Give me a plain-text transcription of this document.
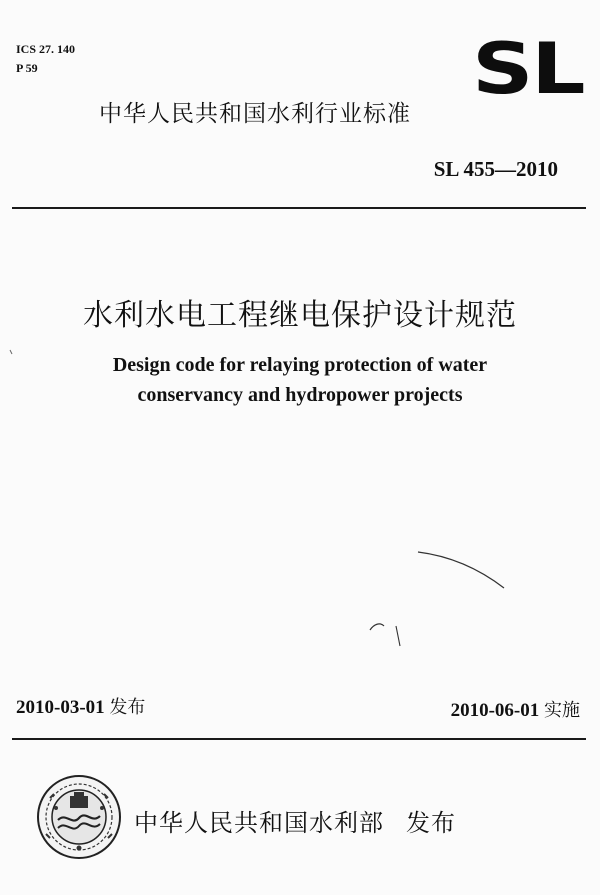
ICS 27. 140
P 59	SL
中华人民共和国水利行业标准
SL 455—2010
水利水电工程继电保护设计规范
Design code for relaying protection of water
conservancy and hydropower projects
2010-03-01 发布	2010-06-01 实施
中华人民共和国水利部 发布
